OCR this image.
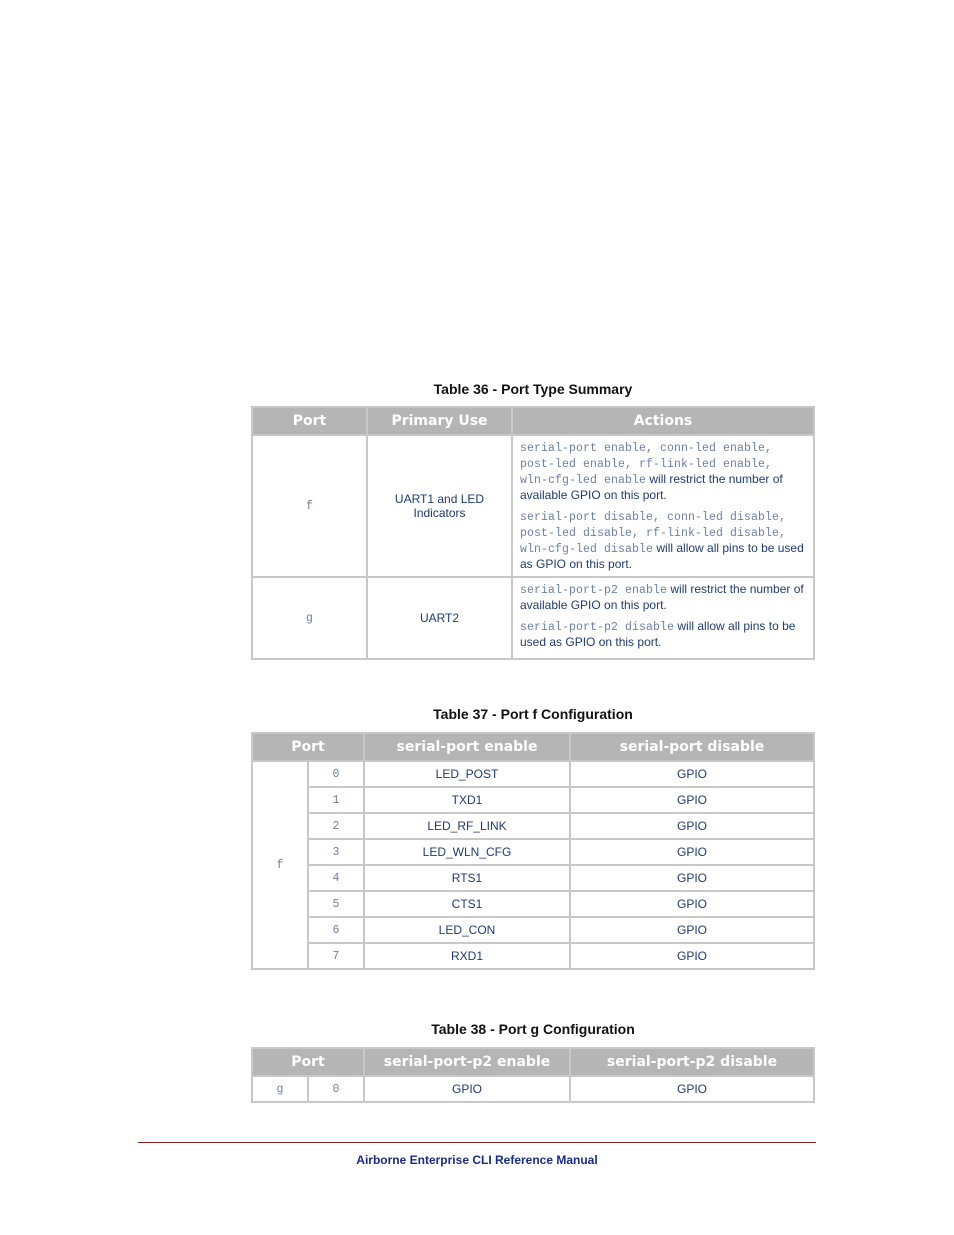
Table 36 - Port Type Summary
Port	Primary Use	Actions
f	UART1 and LED Indicators	serial-port enable, conn-led enable, post-led enable, rf-link-led enable, wln-cfg-led enable will restrict the number of available GPIO on this port.

serial-port disable, conn-led disable, post-led disable, rf-link-led disable, wln-cfg-led disable will allow all pins to be used as GPIO on this port.

g	UART2	serial-port-p2 enable will restrict the number of available GPIO on this port.

serial-port-p2 disable will allow all pins to be used as GPIO on this port.

Table 37 - Port f Configuration
Port		serial-port enable	serial-port disable
f	0	LED_POST	GPIO
	1	TXD1	GPIO
	2	LED_RF_LINK	GPIO
	3	LED_WLN_CFG	GPIO
	4	RTS1	GPIO
	5	CTS1	GPIO
	6	LED_CON	GPIO
	7	RXD1	GPIO
Table 38 - Port g Configuration
Port		serial-port-p2 enable	serial-port-p2 disable
g	0	GPIO	GPIO
Airborne Enterprise CLI Reference Manual
